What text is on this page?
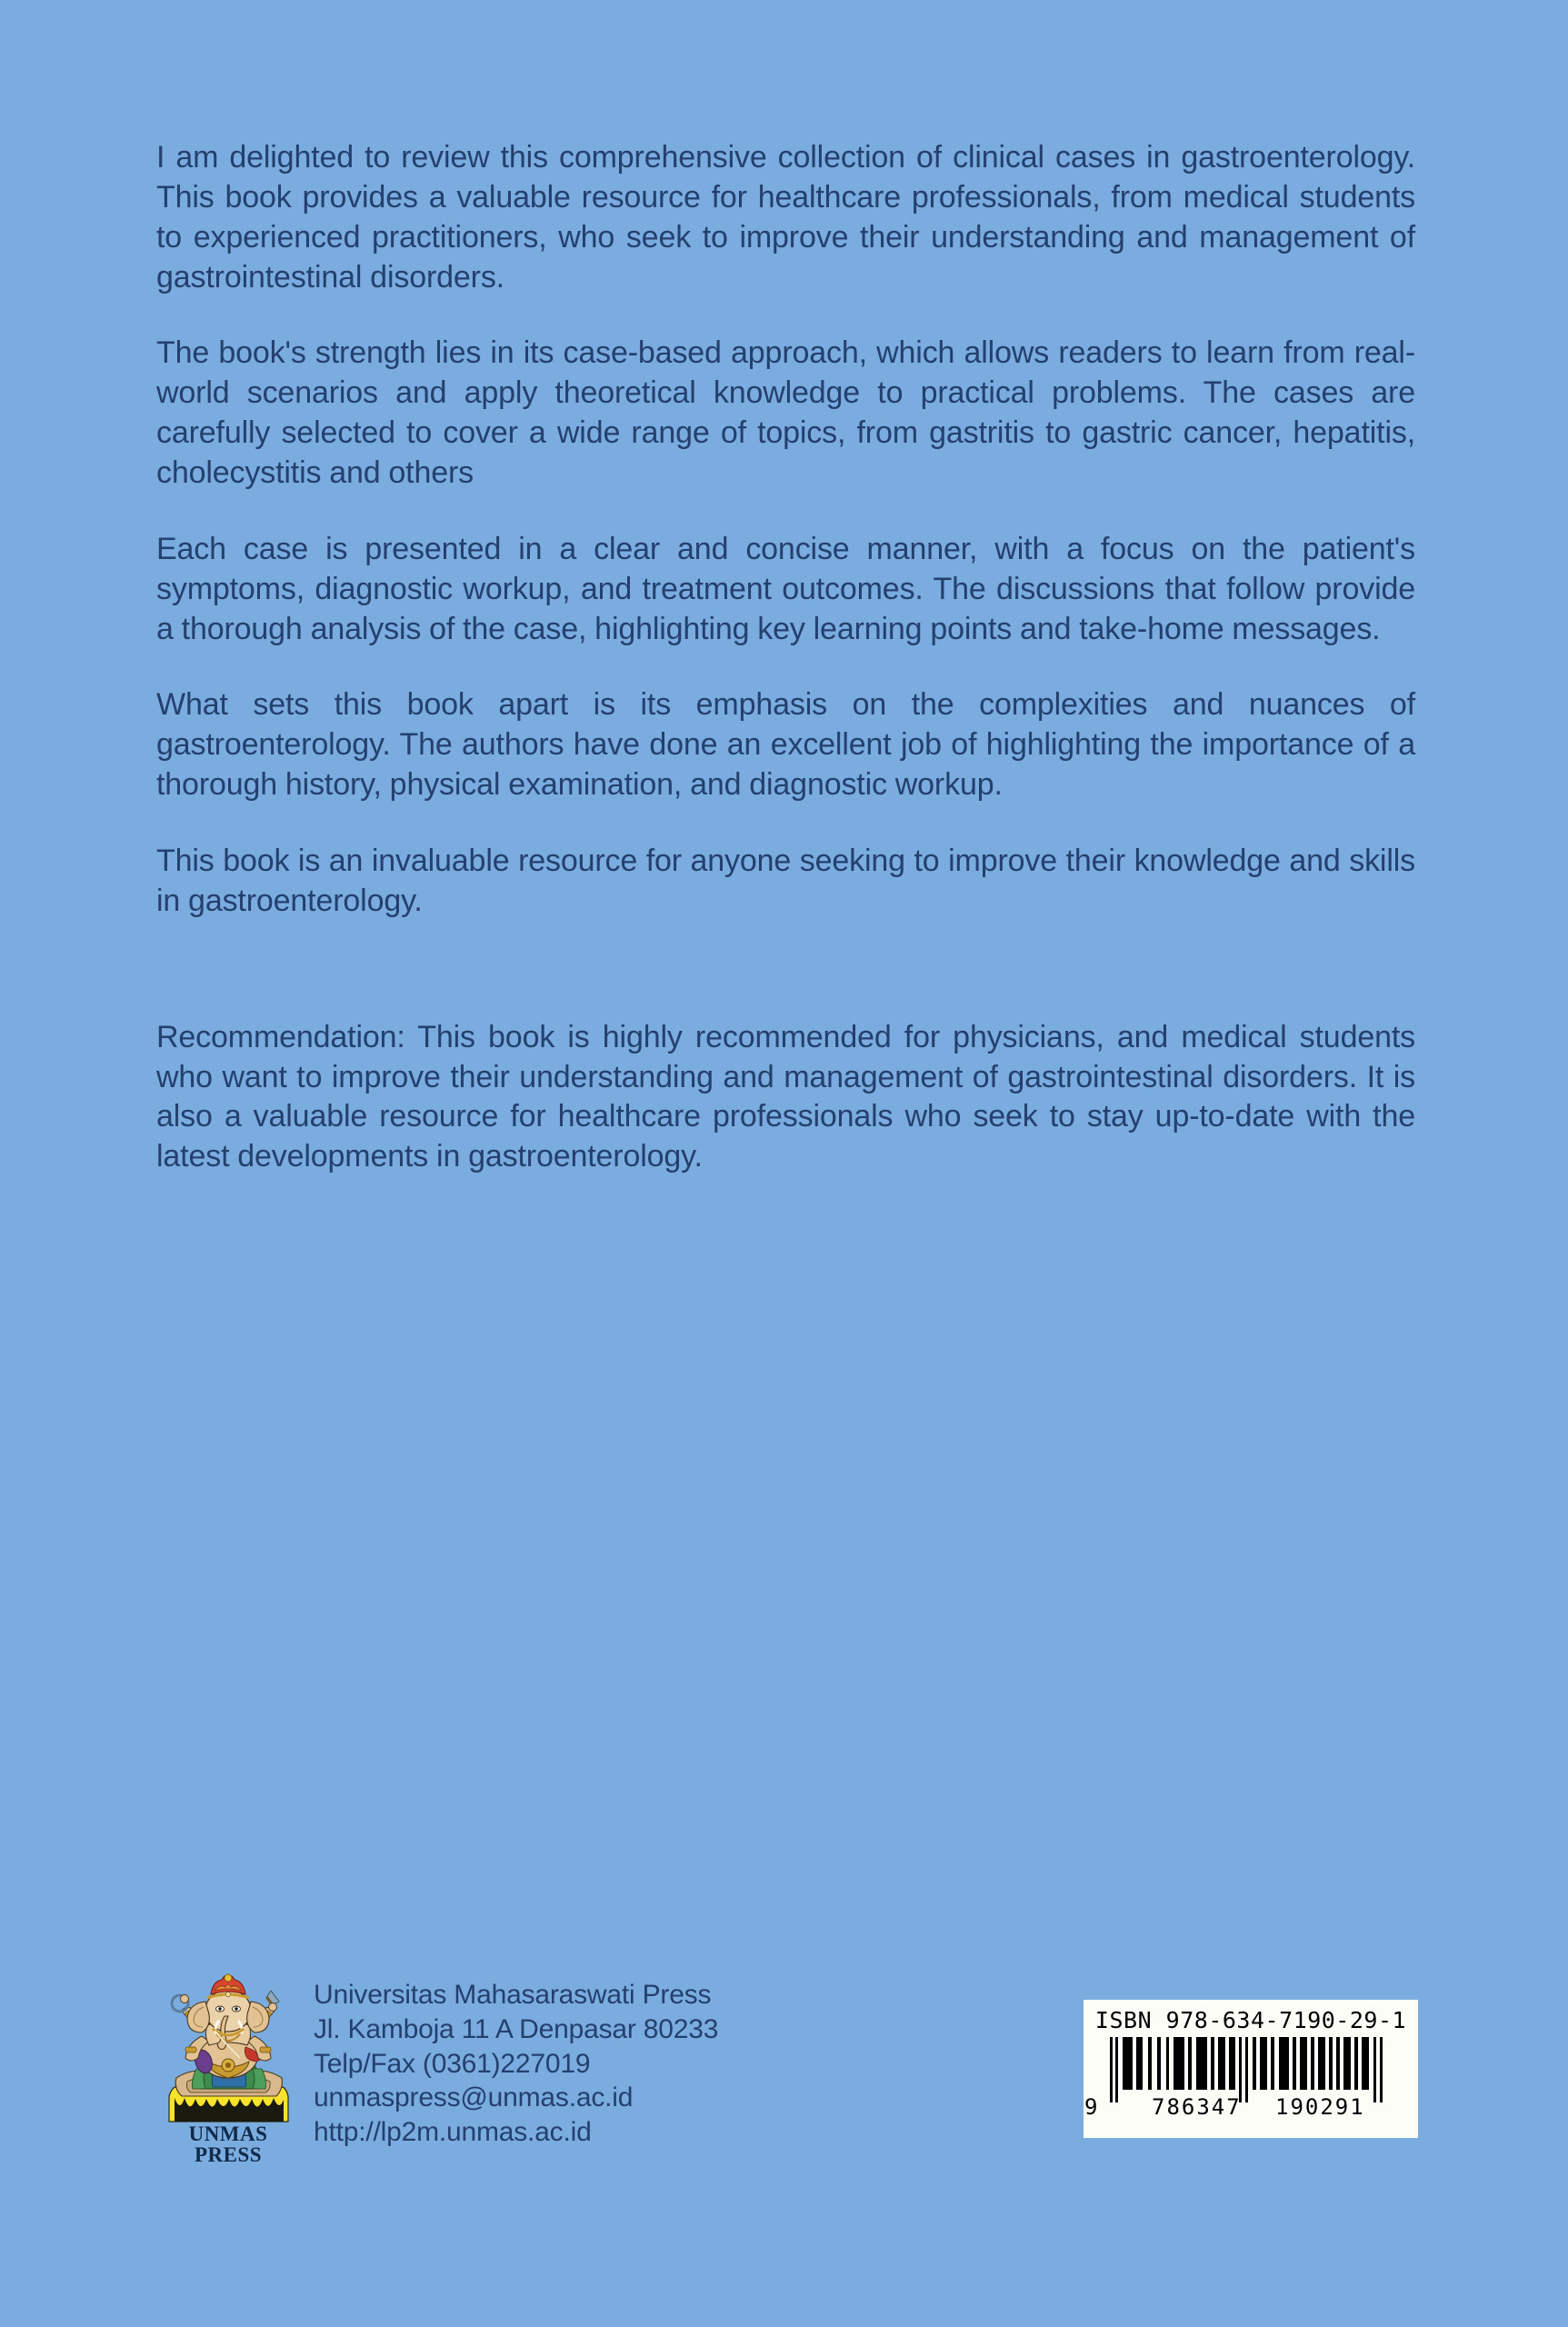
I am delighted to review this comprehensive collection of clinical cases in gastroenterology. This book provides a valuable resource for healthcare professionals, from medical students to experienced practitioners, who seek to improve their understanding and management of gastrointestinal disorders.

The book's strength lies in its case-based approach, which allows readers to learn from real-world scenarios and apply theoretical knowledge to practical problems. The cases are carefully selected to cover a wide range of topics, from gastritis to gastric cancer, hepatitis, cholecystitis and others

Each case is presented in a clear and concise manner, with a focus on the patient's symptoms, diagnostic workup, and treatment outcomes. The discussions that follow provide a thorough analysis of the case, highlighting key learning points and take-home messages.

What sets this book apart is its emphasis on the complexities and nuances of gastroenterology. The authors have done an excellent job of highlighting the importance of a thorough history, physical examination, and diagnostic workup.

This book is an invaluable resource for anyone seeking to improve their knowledge and skills in gastroenterology.

Recommendation: This book is highly recommended for physicians, and medical students who want to improve their understanding and management of gastrointestinal disorders. It is also a valuable resource for healthcare professionals who seek to stay up-to-date with the latest developments in gastroenterology.

UNMAS PRESS
Universitas Mahasaraswati Press
Jl. Kamboja 11 A Denpasar 80233
Telp/Fax (0361)227019
unmaspress@unmas.ac.id
http://lp2m.unmas.ac.id
ISBN 978-634-7190-29-1
9 786347 190291
